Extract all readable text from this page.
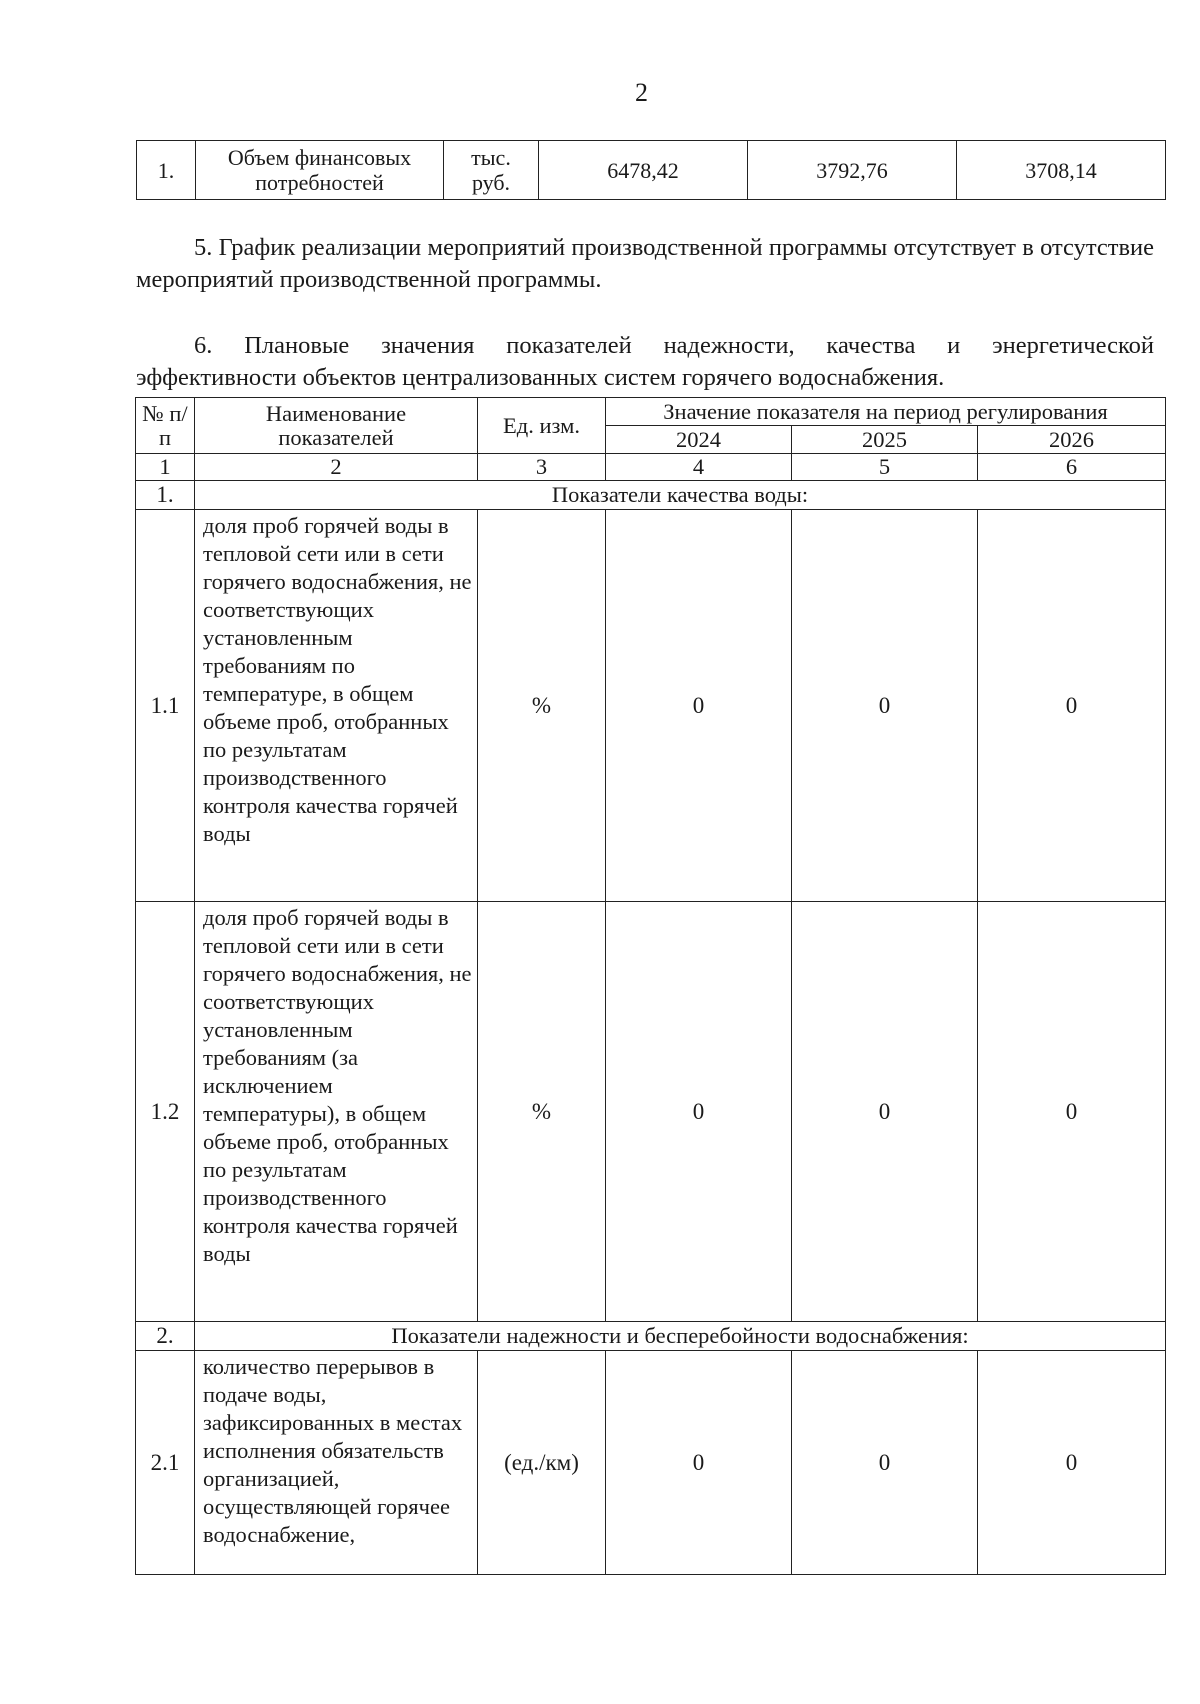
2
1.	Объем финансовых потребностей	тыс. руб.	6478,42	3792,76	3708,14
5. График реализации мероприятий производственной программы отсутствует в отсутствие мероприятий производственной программы.
6. Плановые значения показателей надежности, качества и энергетической
эффективности объектов централизованных систем горячего водоснабжения.
№ п/п	Наименование показателей	Ед. изм.	Значение показателя на период регулирования		
			2024	2025	2026
1	2	3	4	5	6
1.	Показатели качества воды:				
1.1	доля проб горячей воды в тепловой сети или в сети горячего водоснабжения, не соответствующих установленным требованиям по температуре, в общем объеме проб, отобранных по результатам производственного контроля качества горячей воды	%	0	0	0
1.2	доля проб горячей воды в тепловой сети или в сети горячего водоснабжения, не соответствующих установленным требованиям (за исключением температуры), в общем объеме проб, отобранных по результатам производственного контроля качества горячей воды	%	0	0	0
2.	Показатели надежности и бесперебойности водоснабжения:				
2.1	количество перерывов в подаче воды, зафиксированных в местах исполнения обязательств организацией, осуществляющей горячее водоснабжение,	(ед./км)	0	0	0
